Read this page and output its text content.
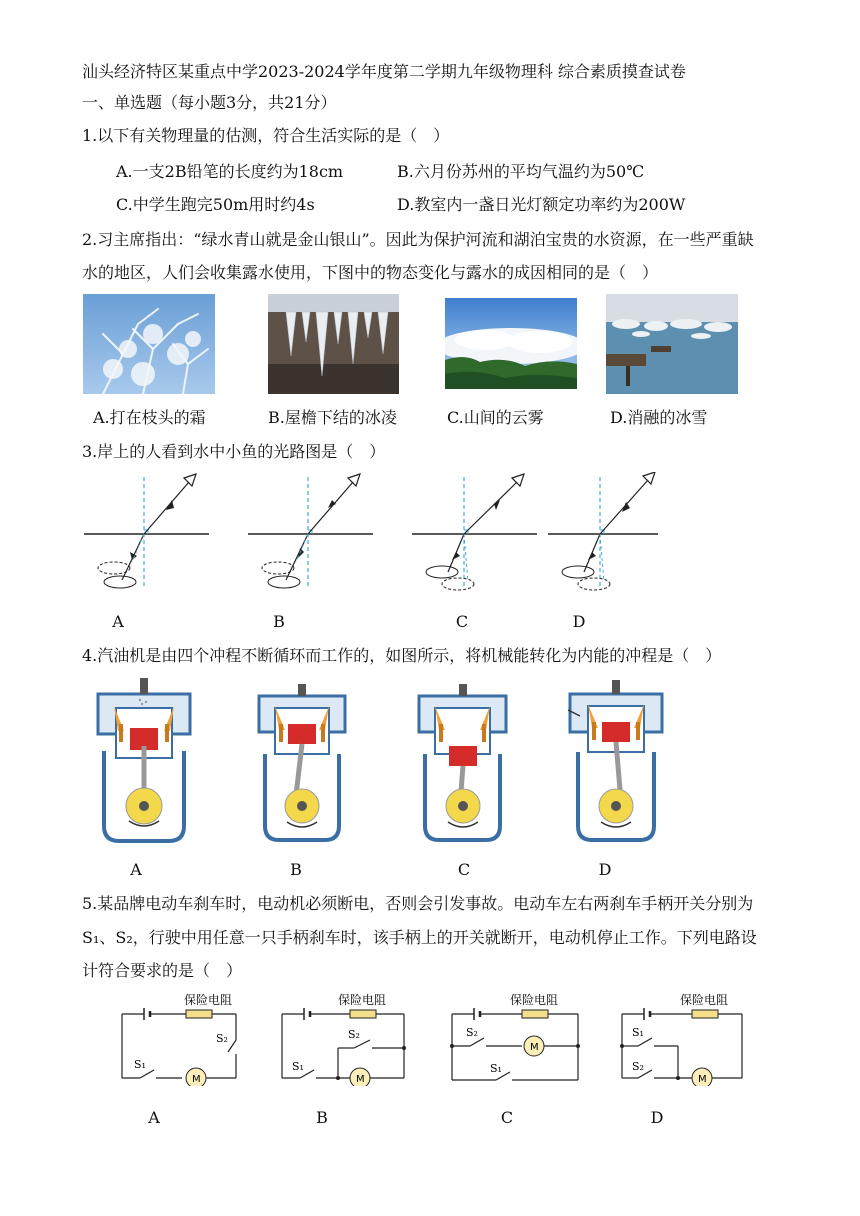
汕头经济特区某重点中学2023-2024学年度第二学期九年级物理科 综合素质摸查试卷
一、单选题（每小题3分，共21分）
1.以下有关物理量的估测，符合生活实际的是（　）
A.一支2B铅笔的长度约为18cm	B.六月份苏州的平均气温约为50℃
C.中学生跑完50m用时约4s	D.教室内一盏日光灯额定功率约为200W
2.习主席指出：“绿水青山就是金山银山”。因此为保护河流和湖泊宝贵的水资源，在一些严重缺
水的地区，人们会收集露水使用，下图中的物态变化与露水的成因相同的是（　）
A.打在枝头的霜	B.屋檐下结的冰凌	C.山间的云雾	D.消融的冰雪
3.岸上的人看到水中小鱼的光路图是（　）
A	B	C	D
4.汽油机是由四个冲程不断循环而工作的，如图所示，将机械能转化为内能的冲程是（　）
A	B	C	D
5.某品牌电动车刹车时，电动机必须断电，否则会引发事故。电动车左右两刹车手柄开关分别为
S₁、S₂，行驶中用任意一只手柄刹车时，该手柄上的开关就断开，电动机停止工作。下列电路设
计符合要求的是（　）
保险电阻
M
S₁
S₂
保险电阻
M
S₁
S₂
保险电阻
M
S₂
S₁
保险电阻
M
S₁
S₂
A	B	C	D
